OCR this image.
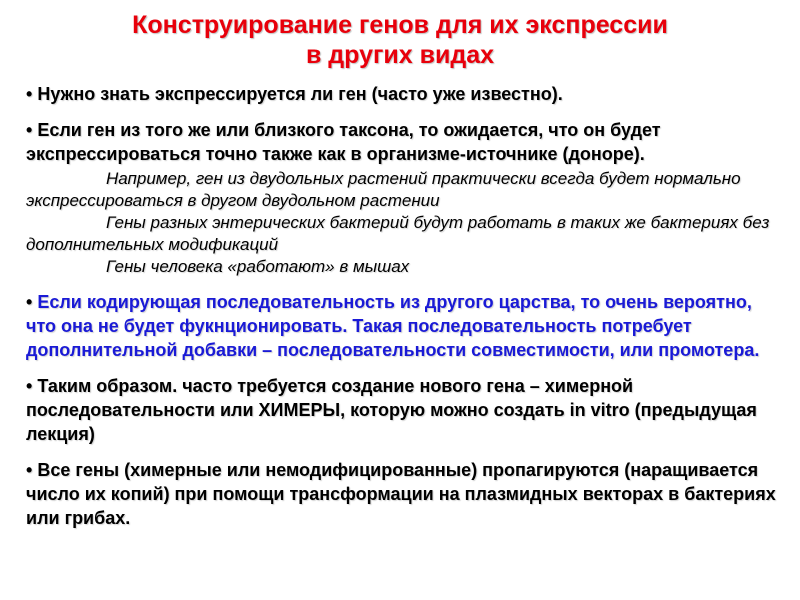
Конструирование генов для их экспрессии
в других видах

• Нужно знать экспрессируется ли ген (часто уже известно).

• Если ген из того же или близкого таксона, то ожидается, что он будет экспрессироваться точно также как в организме-источнике (доноре).

Например, ген из двудольных растений практически всегда будет нормально экспрессироваться в другом двудольном растении
Гены разных энтерических бактерий будут работать в таких же бактериях без дополнительных модификаций
Гены человека «работают» в мышах

• Если кодирующая последовательность из другого царства, то очень вероятно, что она не будет фукнционировать. Такая последовательность потребует дополнительной добавки – последовательности совместимости, или промотера.

• Таким образом. часто требуется создание нового гена – химерной последовательности или ХИМЕРЫ, которую можно создать in vitro (предыдущая лекция)

• Все гены (химерные или немодифицированные) пропагируются (наращивается число их копий) при помощи трансформации на плазмидных векторах в бактериях или грибах.
